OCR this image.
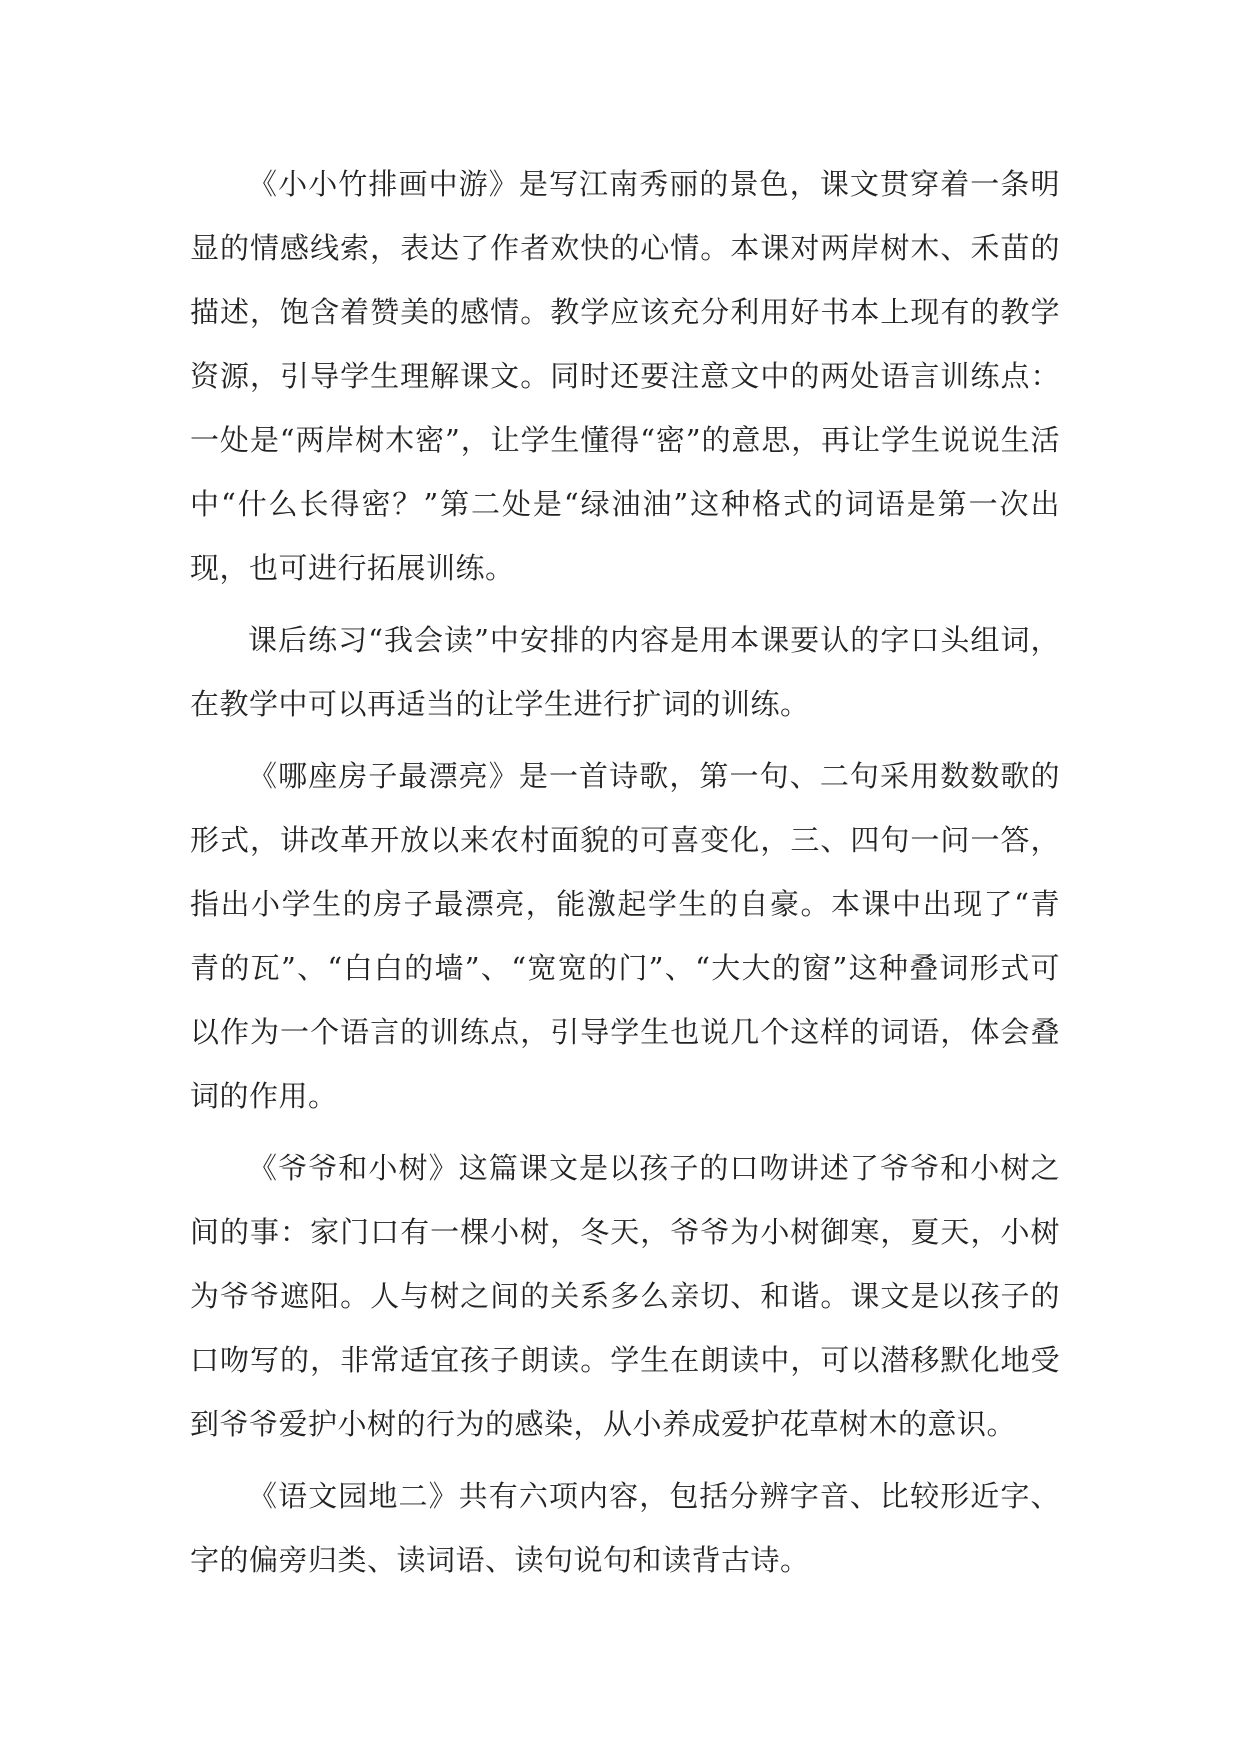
《小小竹排画中游》是写江南秀丽的景色，课文贯穿着一条明显的情感线索，表达了作者欢快的心情。本课对两岸树木、禾苗的描述，饱含着赞美的感情。教学应该充分利用好书本上现有的教学资源，引导学生理解课文。同时还要注意文中的两处语言训练点：一处是“两岸树木密”，让学生懂得“密”的意思，再让学生说说生活中“什么长得密？”第二处是“绿油油”这种格式的词语是第一次出现，也可进行拓展训练。

课后练习“我会读”中安排的内容是用本课要认的字口头组词，在教学中可以再适当的让学生进行扩词的训练。

《哪座房子最漂亮》是一首诗歌，第一句、二句采用数数歌的形式，讲改革开放以来农村面貌的可喜变化，三、四句一问一答，指出小学生的房子最漂亮，能激起学生的自豪。本课中出现了“青青的瓦”、“白白的墙”、“宽宽的门”、“大大的窗”这种叠词形式可以作为一个语言的训练点，引导学生也说几个这样的词语，体会叠词的作用。

《爷爷和小树》这篇课文是以孩子的口吻讲述了爷爷和小树之间的事：家门口有一棵小树，冬天，爷爷为小树御寒，夏天，小树为爷爷遮阳。人与树之间的关系多么亲切、和谐。课文是以孩子的口吻写的，非常适宜孩子朗读。学生在朗读中，可以潜移默化地受到爷爷爱护小树的行为的感染，从小养成爱护花草树木的意识。

《语文园地二》共有六项内容，包括分辨字音、比较形近字、字的偏旁归类、读词语、读句说句和读背古诗。
